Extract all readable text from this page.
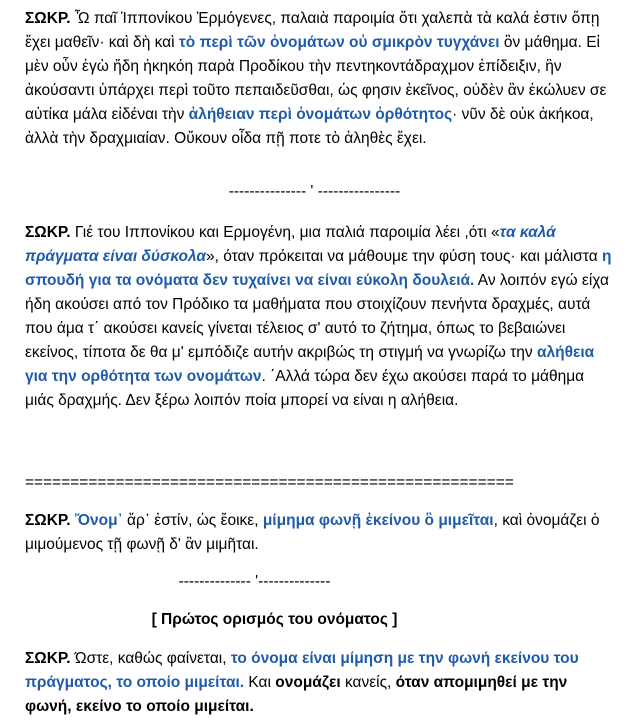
ΣΩΚΡ. Ὦ παῖ Ἱππονίκου Ἑρμόγενες, παλαιὰ παροιμία ὅτι χαλεπὰ τὰ καλά ἐστιν ὅπῃ ἔχει μαθεῖν· καὶ δὴ καὶ τὸ περὶ τῶν ὀνομάτων οὐ σμικρὸν τυγχάνει ὂν μάθημα. Εἰ μὲν οὖν ἐγὼ ἤδη ἠκηκόη παρὰ Προδίκου τὴν πεντηκοντάδραχμον ἐπίδειξιν, ἣν ἀκούσαντι ὑπάρχει περὶ τοῦτο πεπαιδεῦσθαι, ὡς φησιν ἐκεῖνος, οὐδὲν ἂν ἐκώλυεν σε αὐτίκα μάλα εἰδέναι τὴν ἀλήθειαν περὶ ὀνομάτων ὀρθότητος· νῦν δὲ οὐκ ἀκήκοα, ἀλλὰ τὴν δραχμιαίαν. Οὔκουν οἶδα πῇ ποτε τὸ ἀληθὲς ἔχει.

--------------- ' ----------------

ΣΩΚΡ. Γιέ του Ιππονίκου και Ερμογένη, μια παλιά παροιμία λέει ,ότι «τα καλά πράγματα είναι δύσκολα», όταν πρόκειται να μάθουμε την φύση τους· και μάλιστα η σπουδή για τα ονόματα δεν τυχαίνει να είναι εύκολη δουλειά. Αν λοιπόν εγώ είχα ήδη ακούσει από τον Πρόδικο τα μαθήματα που στοιχίζουν πενήντα δραχμές, αυτά που άμα τ΄ ακούσει κανείς γίνεται τέλειος σ' αυτό το ζήτημα, όπως το βεβαιώνει εκείνος, τίποτα δε θα μ' εμπόδιζε αυτήν ακριβώς τη στιγμή να γνωρίζω την αλήθεια για την ορθότητα των ονομάτων. ΄Αλλά τώρα δεν έχω ακούσει παρά το μάθημα μιάς δραχμής. Δεν ξέρω λοιπόν ποία μπορεί να είναι η αλήθεια.

======================================================

ΣΩΚΡ. Ὄνομ᾽ ἄρ᾽ ἐστίν, ὡς ἔοικε, μίμημα φωνῇ ἐκείνου ὃ μιμεῖται, καὶ ὀνομάζει ὁ μιμούμενος τῇ φωνῇ δ' ἂν μιμῆται.

-------------- '--------------

[ Πρώτος ορισμός του ονόματος ]

ΣΩΚΡ. Ώστε, καθώς φαίνεται, το όνομα είναι μίμηση με την φωνή εκείνου του πράγματος, το οποίο μιμείται. Και ονομάζει κανείς, όταν απομιμηθεί με την φωνή, εκείνο το οποίο μιμείται.
